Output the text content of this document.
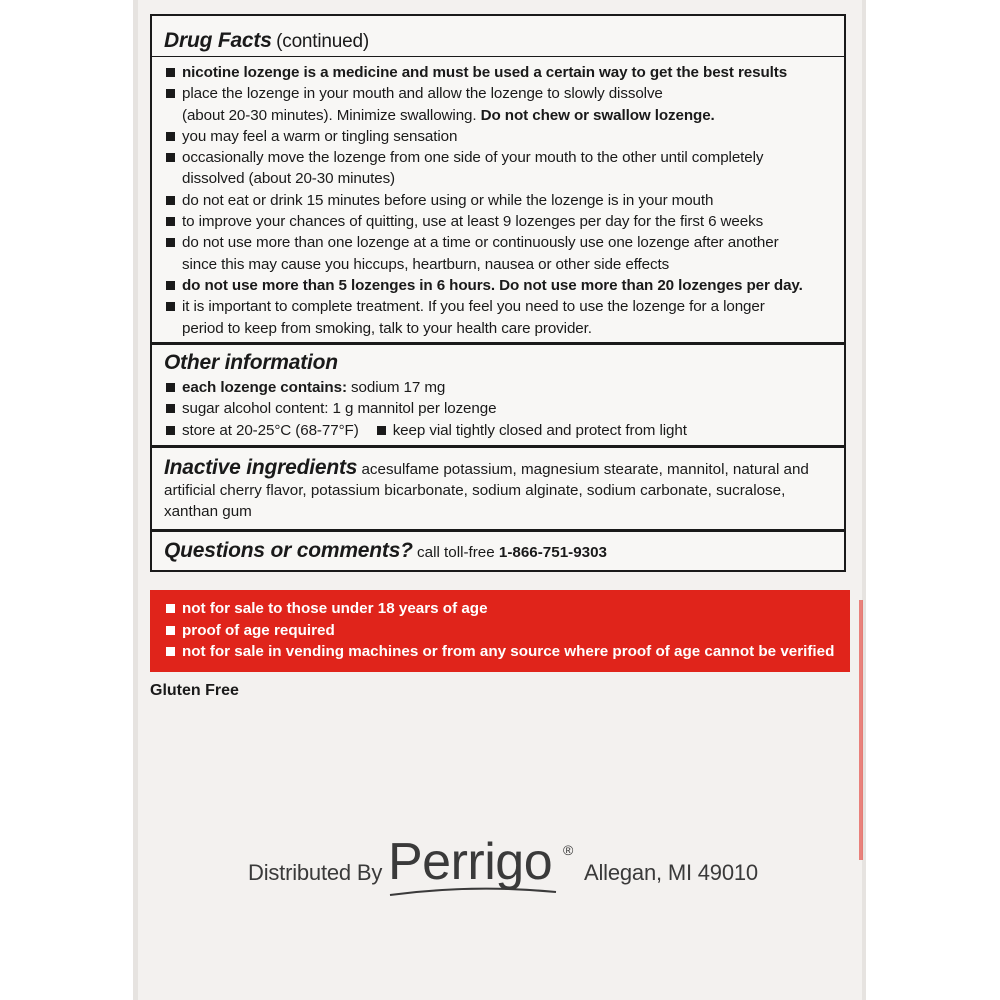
Drug Facts (continued)
nicotine lozenge is a medicine and must be used a certain way to get the best results
place the lozenge in your mouth and allow the lozenge to slowly dissolve
(about 20-30 minutes). Minimize swallowing. Do not chew or swallow lozenge.
you may feel a warm or tingling sensation
occasionally move the lozenge from one side of your mouth to the other until completely
dissolved (about 20-30 minutes)
do not eat or drink 15 minutes before using or while the lozenge is in your mouth
to improve your chances of quitting, use at least 9 lozenges per day for the first 6 weeks
do not use more than one lozenge at a time or continuously use one lozenge after another
since this may cause you hiccups, heartburn, nausea or other side effects
do not use more than 5 lozenges in 6 hours. Do not use more than 20 lozenges per day.
it is important to complete treatment. If you feel you need to use the lozenge for a longer
period to keep from smoking, talk to your health care provider.
Other information
each lozenge contains: sodium 17 mg
sugar alcohol content: 1 g mannitol per lozenge
store at 20-25°C (68-77°F) keep vial tightly closed and protect from light
Inactive ingredients acesulfame potassium, magnesium stearate, mannitol, natural and artificial cherry flavor, potassium bicarbonate, sodium alginate, sodium carbonate, sucralose, xanthan gum
Questions or comments? call toll-free 1-866-751-9303
not for sale to those under 18 years of age
proof of age required
not for sale in vending machines or from any source where proof of age cannot be verified
Gluten Free
Distributed By Perrigo ®
Allegan, MI 49010
